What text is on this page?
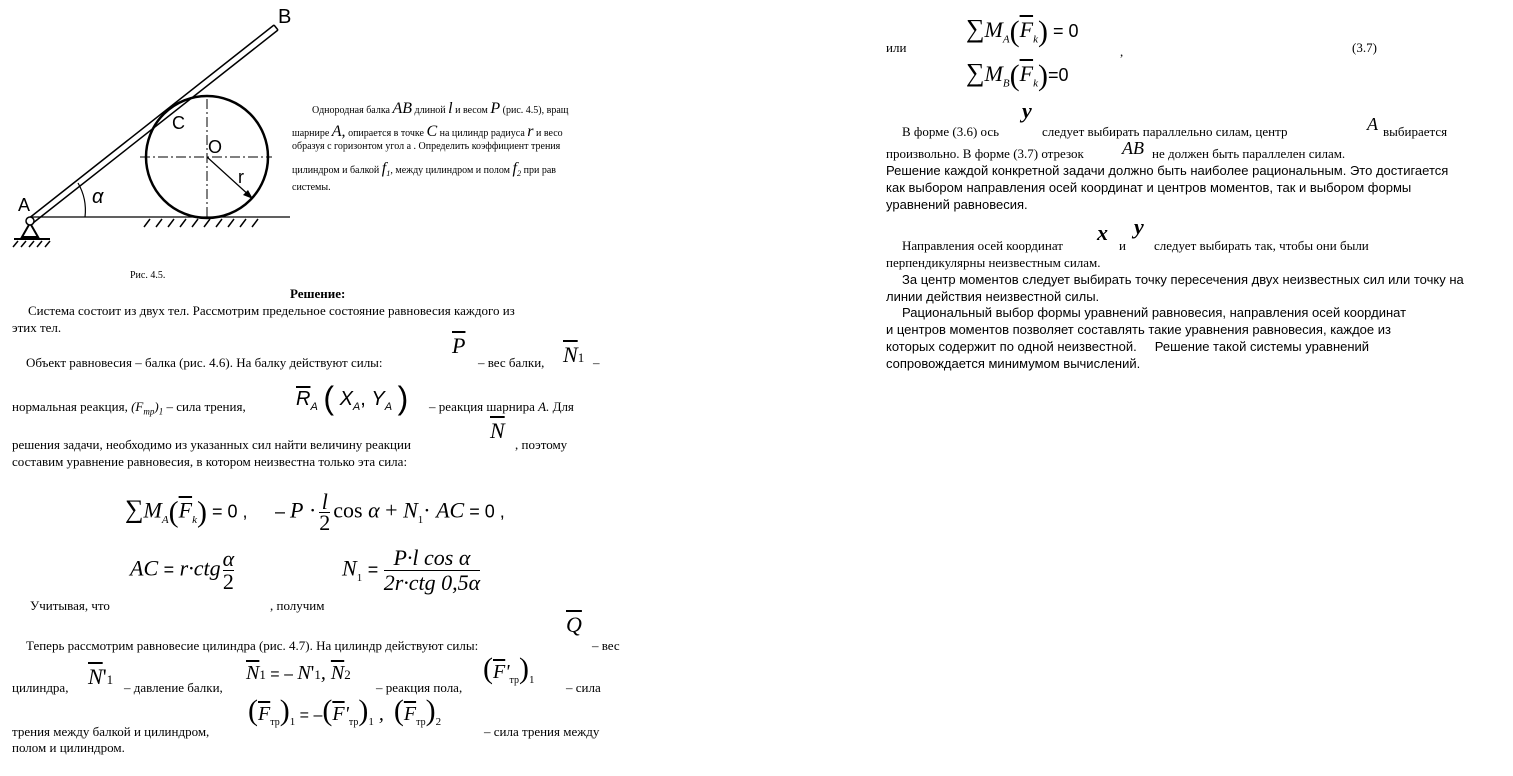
B
C
O
r
α
A
Однородная балка AB длиной l и весом P (рис. 4.5), вращ
шарнире A, опирается в точке C на цилиндр радиуса r и весо
образуя с горизонтом угол a . Определить коэффициент трения
цилиндром и балкой $f_1$, между цилиндром и полом $f_2$ при рав
системы.
Рис. 4.5.
Решение:
Система состоит из двух тел. Рассмотрим предельное состояние равновесия каждого из
этих тел.
Объект равновесия – балка (рис. 4.6). На балку действуют силы:
$\overline{P}$
– вес балки, $\overline{N}1$ –
нормальная реакция, $(F_{тр})_1$ – сила трения,	$\overline{R}_A$ ( $X_A$, $Y_A$ ) – реакция шарнира А. Для
решения задачи, необходимо из указанных сил найти величину реакции
$\overline{N}$
, поэтому
составим уравнение равновесия, в котором неизвестна только эта сила:
$\sum M_A(\overline{F}_k) = 0$ , – $P \cdot \frac{l}{2}$ $\cos \alpha + N_1\cdot$ AC = 0 ,
AC = $r\cdot ctg \frac{\alpha}{2}$	$N_1 = P\cdot l$ cos α
2r·ctg 0,5α
Учитывая, что	, получим
Теперь рассмотрим равновесие цилиндра (рис. 4.7). На цилиндр действуют силы:
$\overline{Q}$
– вес
цилиндра, $\overline{N}'1$
– давление балки,
$\overline{N}1$ = – N'1, $\overline{N}2$
– реакция пола,
$(\overline{F}'_{тр})_1$ – сила
трения между балкой и цилиндром,
$(\overline{F}_{тр})_1 = -(\overline{F}'_{тр})_1$ ,  $(\overline{F}_{тр})_2$
– сила трения между
полом и цилиндром.
$\sum M_A(\overline{F}_k) = 0$
или	,	(3.7)
$\sum M_B(\overline{F}_k)=0$
y
В форме (3.6) ось	следует выбирать параллельно силам, центр	A выбирается
произвольно. В форме (3.7) отрезок AB не должен быть параллелен силам.
Решение каждой конкретной задачи должно быть наиболее рациональным. Это достигается
как выбором направления осей координат и центров моментов, так и выбором формы
уравнений равновесия.
x y
Направления осей координат	и следует выбирать так, чтобы они были
перпендикулярны неизвестным силам.
За центр моментов следует выбирать точку пересечения двух неизвестных сил или точку на
линии действия неизвестной силы.
Рациональный выбор формы уравнений равновесия, направления осей координат
и центров моментов позволяет составлять такие уравнения равновесия, каждое из
которых содержит по одной неизвестной. Решение такой системы уравнений
сопровождается минимумом вычислений.
